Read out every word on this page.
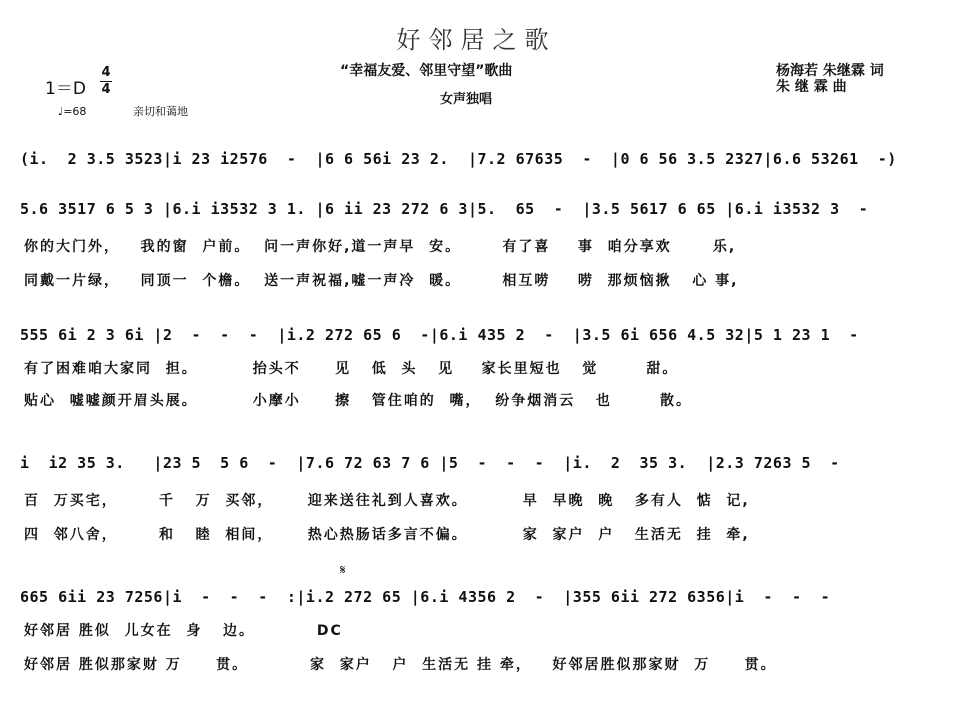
好邻居之歌
“幸福友爱、邻里守望”歌曲
女声独唱
杨海若 朱继霖 词
朱 继 霖 曲
1＝D
4
4
♩=68	亲切和蔼地
(i.  2 3.5 3523|i 23 i2576  -  |6 6 56i 23 2.  |7.2 67635  -  |0 6 56 3.5 2327|6.6 53261  -)
5.6 3517 6 5 3 |6.i i3532 3 1. |6 ii 23 272 6 3|5.  65  -  |3.5 5617 6 65 |6.i i3532 3  -
你的大门外，   我的窗  户前。  问一声你好,道一声早  安。      有了喜    事  咱分享欢      乐,
同戴一片绿，   同顶一  个檐。  送一声祝福,嘘一声冷  暖。      相互唠    唠  那烦恼揪   心 事,
555 6i 2 3 6i |2  -  -  -  |i.2 272 65 6  -|6.i 435 2  -  |3.5 6i 656 4.5 32|5 1 23 1  -
有了困难咱大家同  担。        抬头不     见   低  头   见    家长里短也   觉       甜。
贴心  嘘嘘颜开眉头展。        小摩小     擦   管住咱的  嘴，  纷争烟消云   也       散。
i  i2 35 3.   |23 5  5 6  -  |7.6 72 63 7 6 |5  -  -  -  |i.  2  35 3.  |2.3 7263 5  -
百  万买宅，      千   万  买邻，     迎来送往礼到人喜欢。        早  早晚  晚   多有人  惦  记,
四  邻八舍，      和   睦  相间，     热心热肠话多言不偏。        家  家户  户   生活无  挂  牵,
𝄋
665 6ii 23 7256|i  -  -  -  :|i.2 272 65 |6.i 4356 2  -  |355 6ii 272 6356|i  -  -  -
好邻居 胜似  儿女在  身   边。         DC
好邻居 胜似那家财 万     贯。         家  家户   户  生活无 挂 牵，   好邻居胜似那家财  万     贯。
